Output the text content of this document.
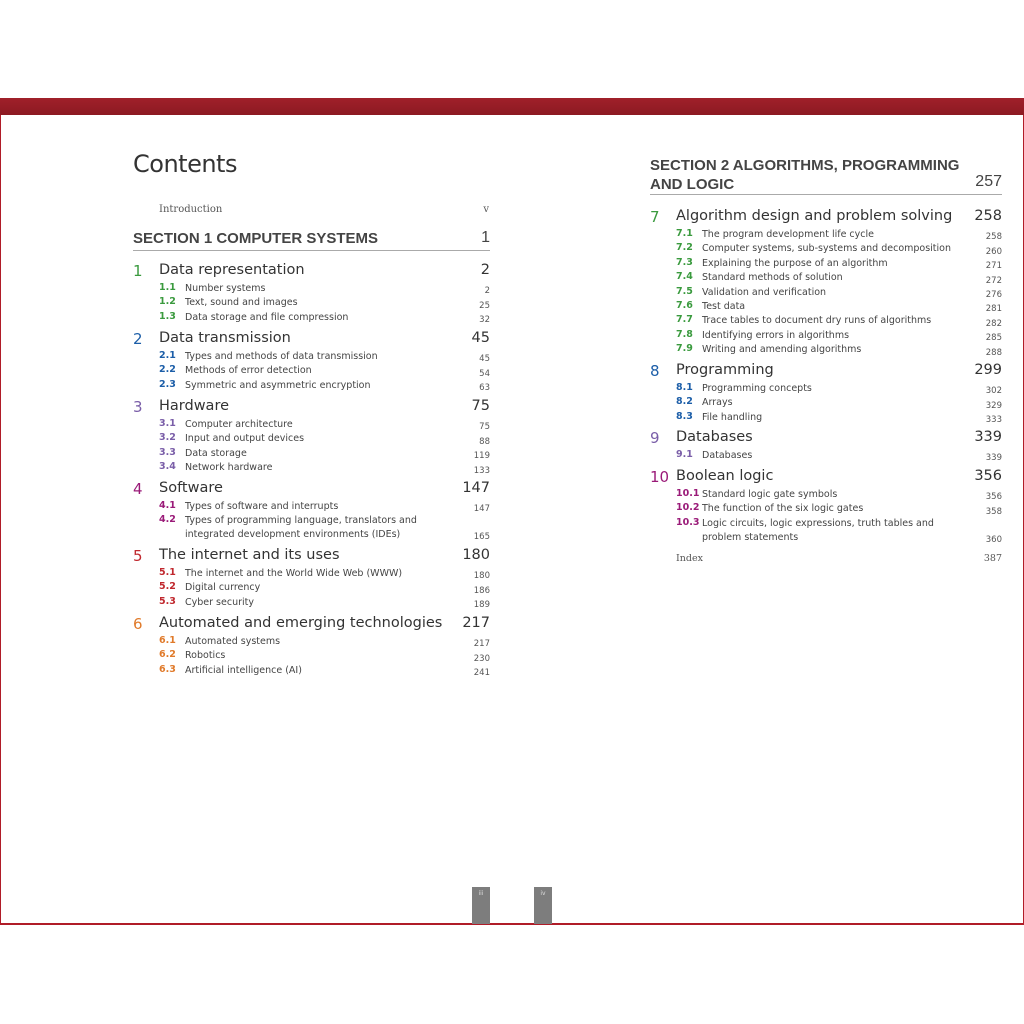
Contents
Introduction	v
SECTION 1 COMPUTER SYSTEMS	1
SECTION 2 ALGORITHMS, PROGRAMMING
AND LOGIC	257
1 Data representation	2
1.1 Number systems	2
1.2 Text, sound and images	25
1.3 Data storage and file compression	32
2 Data transmission	45
2.1 Types and methods of data transmission	45
2.2 Methods of error detection	54
2.3 Symmetric and asymmetric encryption	63
3 Hardware	75
3.1 Computer architecture	75
3.2 Input and output devices	88
3.3 Data storage	119
3.4 Network hardware	133
4 Software	147
4.1 Types of software and interrupts	147
4.2 Types of programming language, translators and
integrated development environments (IDEs)	165
5 The internet and its uses	180
5.1 The internet and the World Wide Web (WWW)	180
5.2 Digital currency	186
5.3 Cyber security	189
6 Automated and emerging technologies 217
6.1 Automated systems	217
6.2 Robotics	230
6.3 Artificial intelligence (AI)	241
7 Algorithm design and problem solving 258
7.1 The program development life cycle	258
7.2 Computer systems, sub-systems and decomposition	260
7.3 Explaining the purpose of an algorithm	271
7.4 Standard methods of solution	272
7.5 Validation and verification	276
7.6 Test data	281
7.7 Trace tables to document dry runs of algorithms	282
7.8 Identifying errors in algorithms	285
7.9 Writing and amending algorithms	288
8 Programming	299
8.1 Programming concepts	302
8.2 Arrays	329
8.3 File handling	333
9 Databases	339
9.1 Databases	339
10 Boolean logic	356
10.1 Standard logic gate symbols	356
10.2 The function of the six logic gates	358
10.3 Logic circuits, logic expressions, truth tables and
problem statements	360
Index	387
iii	iv
